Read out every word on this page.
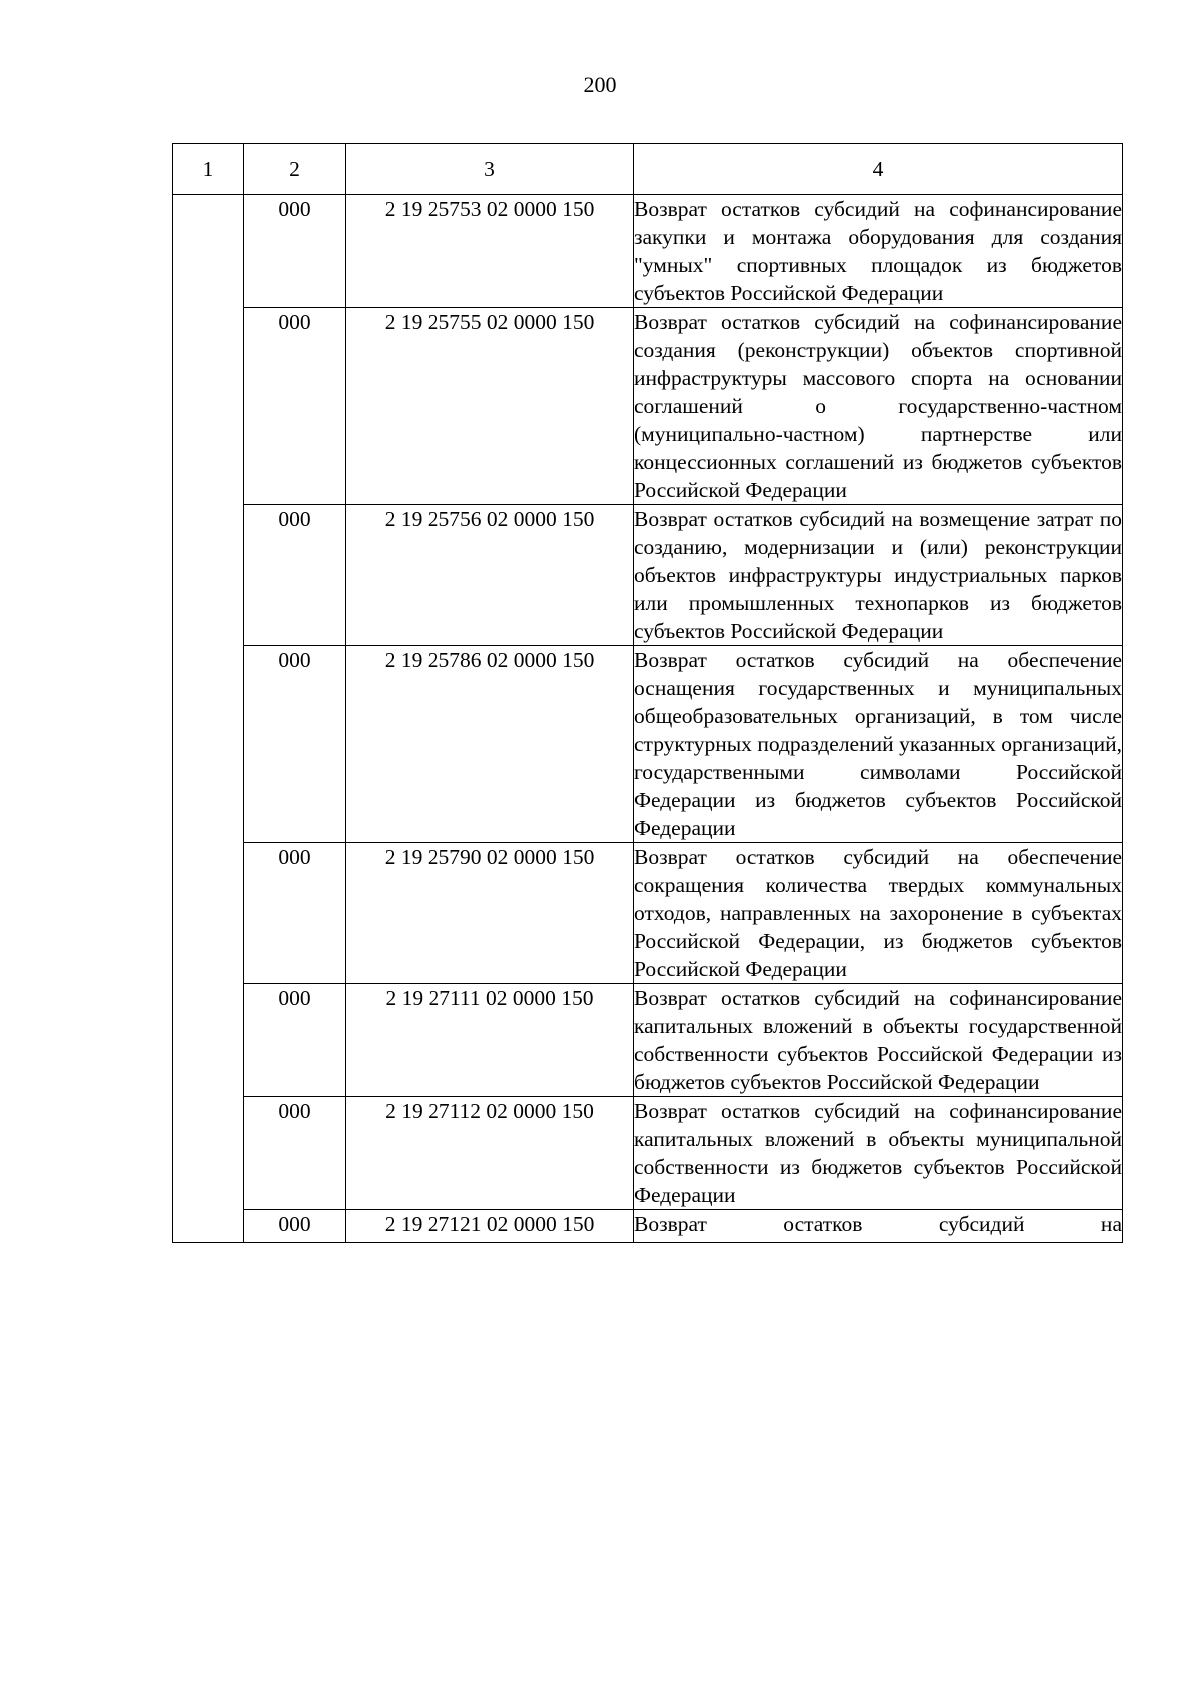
200
1	2	3	4
	000	2 19 25753 02 0000 150	Возврат остатков субсидий на софинансирование закупки и монтажа оборудования для создания "умных" спортивных площадок из бюджетов субъектов Российской Федерации
	000	2 19 25755 02 0000 150	Возврат остатков субсидий на софинансирование создания (реконструкции) объектов спортивной инфраструктуры массового спорта на основании соглашений о государственно-частном (муниципально-частном) партнерстве или концессионных соглашений из бюджетов субъектов Российской Федерации
	000	2 19 25756 02 0000 150	Возврат остатков субсидий на возмещение затрат по созданию, модернизации и (или) реконструкции объектов инфраструктуры индустриальных парков или промышленных технопарков из бюджетов субъектов Российской Федерации
	000	2 19 25786 02 0000 150	Возврат остатков субсидий на обеспечение оснащения государственных и муниципальных общеобразовательных организаций, в том числе структурных подразделений указанных организаций, государственными символами Российской Федерации из бюджетов субъектов Российской Федерации
	000	2 19 25790 02 0000 150	Возврат остатков субсидий на обеспечение сокращения количества твердых коммунальных отходов, направленных на захоронение в субъектах Российской Федерации, из бюджетов субъектов Российской Федерации
	000	2 19 27111 02 0000 150	Возврат остатков субсидий на софинансирование капитальных вложений в объекты государственной собственности субъектов Российской Федерации из бюджетов субъектов Российской Федерации
	000	2 19 27112 02 0000 150	Возврат остатков субсидий на софинансирование капитальных вложений в объекты муниципальной собственности из бюджетов субъектов Российской Федерации
	000	2 19 27121 02 0000 150	Возврат остатков субсидий на
